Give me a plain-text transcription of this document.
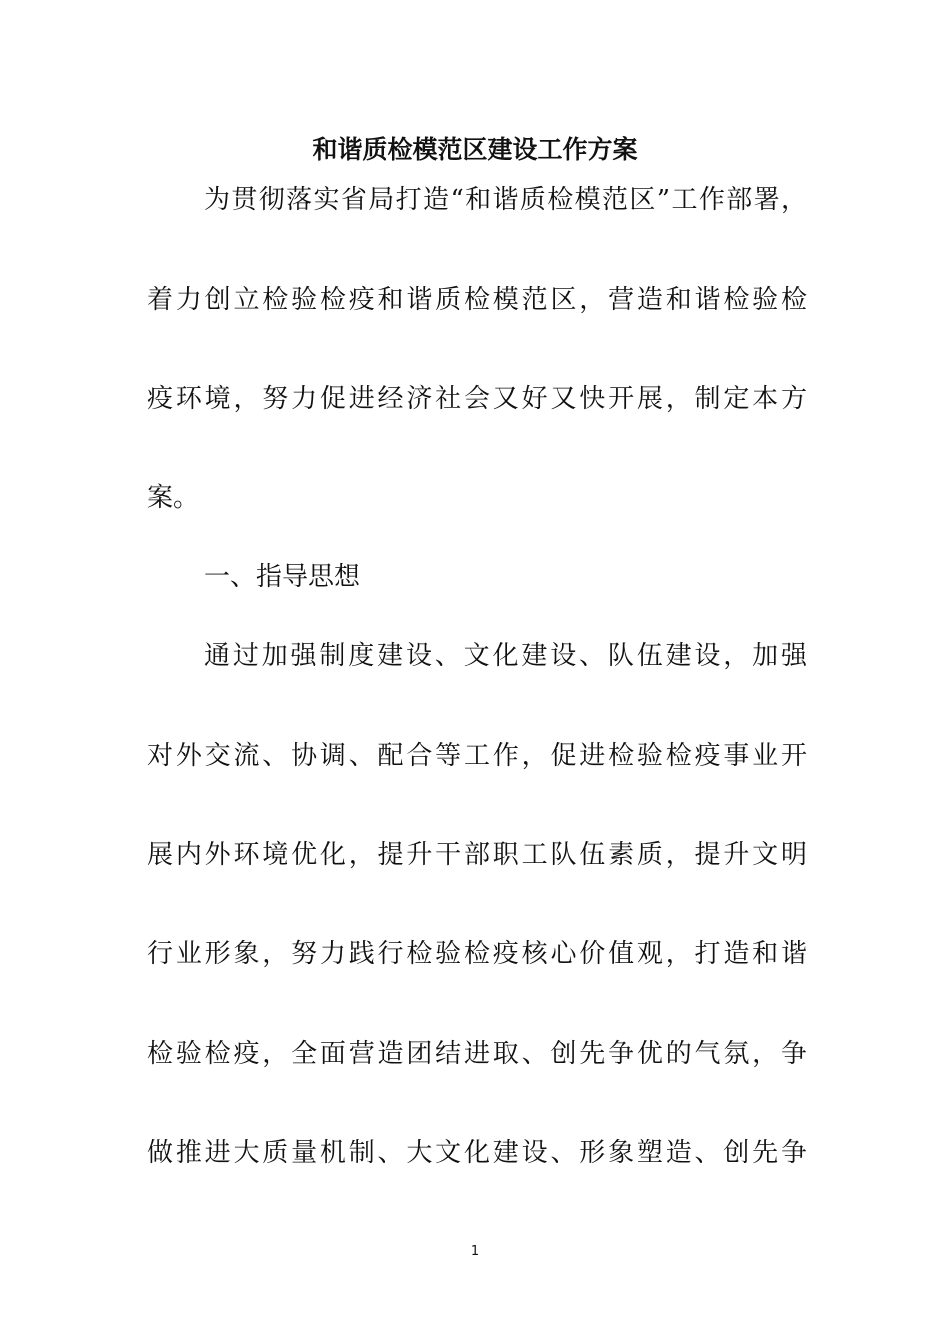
和谐质检模范区建设工作方案

为贯彻落实省局打造“和谐质检模范区”工作部署，

着力创立检验检疫和谐质检模范区，营造和谐检验检

疫环境，努力促进经济社会又好又快开展，制定本方

案。

一、指导思想

通过加强制度建设、文化建设、队伍建设，加强

对外交流、协调、配合等工作，促进检验检疫事业开

展内外环境优化，提升干部职工队伍素质，提升文明

行业形象，努力践行检验检疫核心价值观，打造和谐

检验检疫，全面营造团结进取、创先争优的气氛，争

做推进大质量机制、大文化建设、形象塑造、创先争

1
